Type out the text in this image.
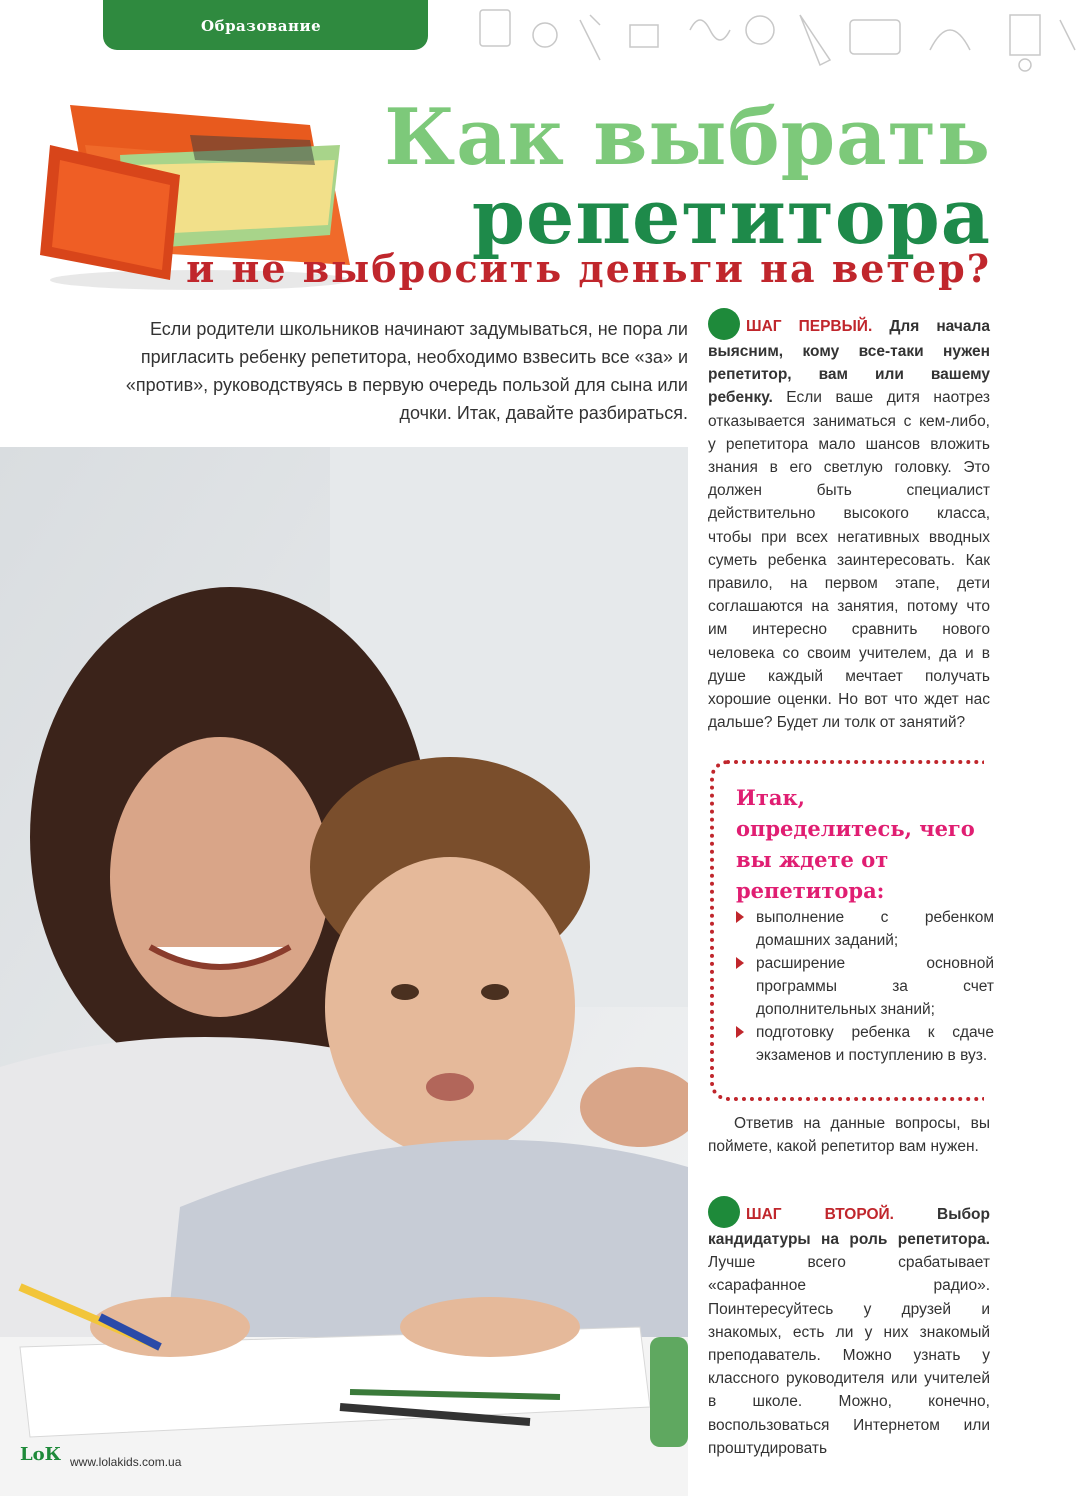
Образование
Как выбрать
репетитора
и не выбросить деньги на ветер?
Если родители школьников начинают задумываться, не пора ли пригласить ребенку репетитора, необходимо взвесить все «за» и «против», руководствуясь в первую очередь пользой для сына или дочки. Итак, давайте разбираться.
ШАГ ПЕРВЫЙ. Для начала выясним, кому все-таки нужен репетитор, вам или вашему ребенку. Если ваше дитя наотрез отказывается заниматься с кем-либо, у репетитора мало шансов вложить знания в его светлую головку. Это должен быть специалист действительно высокого класса, чтобы при всех негативных вводных суметь ребенка заинтересовать. Как правило, на первом этапе, дети соглашаются на занятия, потому что им интересно сравнить нового человека со своим учителем, да и в душе каждый мечтает получать хорошие оценки. Но вот что ждет нас дальше? Будет ли толк от занятий?
Итак, определитесь, чего вы ждете от репетитора:
выполнение с ребенком домашних заданий;
расширение основной программы за счет дополнительных знаний;
подготовку ребенка к сдаче экзаменов и поступлению в вуз.
Ответив на данные вопросы, вы поймете, какой репетитор вам нужен.
ШАГ ВТОРОЙ.	Выбор кандидатуры на роль репетитора. Лучше всего срабатывает «сарафанное радио». Поинтересуйтесь у друзей и знакомых, есть ли у них знакомый преподаватель. Можно узнать у классного руководителя или учителей в школе. Можно, конечно, воспользоваться Интернетом или проштудировать
LоК www.lolakids.com.ua
